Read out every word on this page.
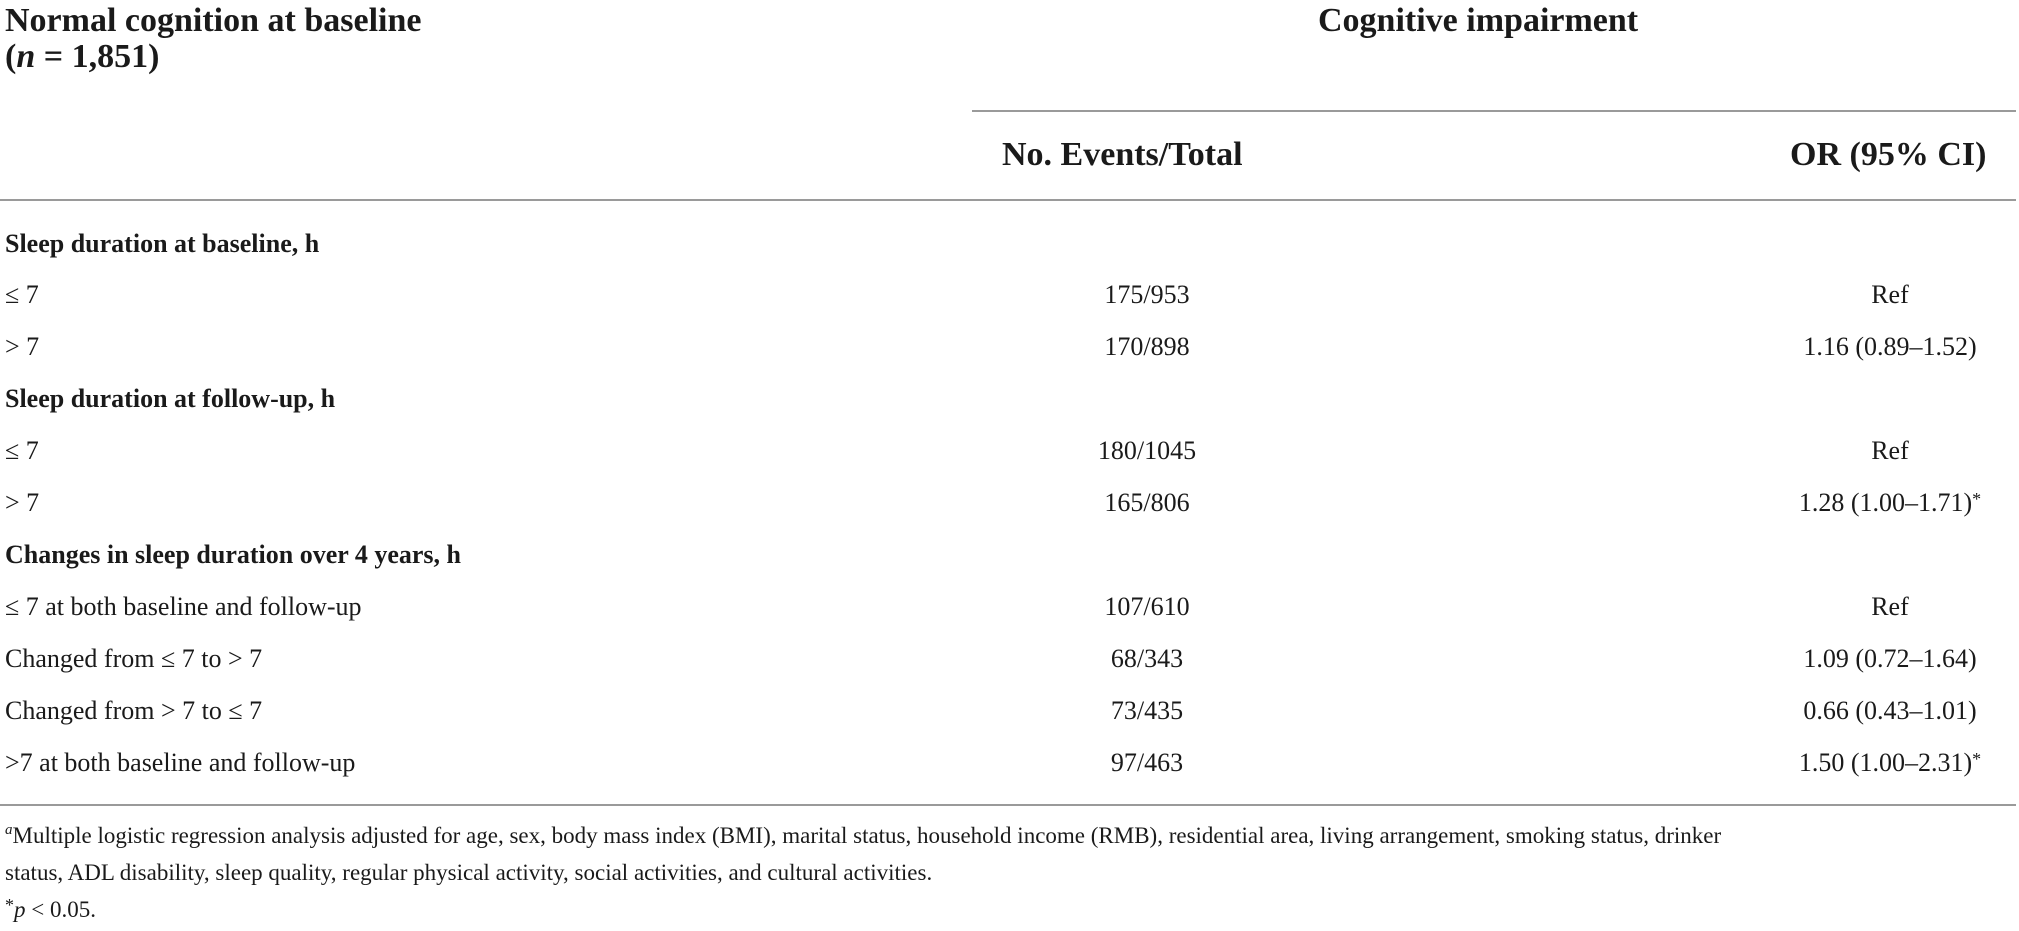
Normal cognition at baseline
(n = 1,851)
Cognitive impairment
No. Events/Total	OR (95% CI)
Sleep duration at baseline, h
≤ 7	175/953	Ref
> 7	170/898	1.16 (0.89–1.52)
Sleep duration at follow-up, h
≤ 7	180/1045	Ref
> 7	165/806	1.28 (1.00–1.71)*
Changes in sleep duration over 4 years, h
≤ 7 at both baseline and follow-up	107/610	Ref
Changed from ≤ 7 to > 7	68/343	1.09 (0.72–1.64)
Changed from > 7 to ≤ 7	73/435	0.66 (0.43–1.01)
>7 at both baseline and follow-up	97/463	1.50 (1.00–2.31)*
$^a$Multiple logistic regression analysis adjusted for age, sex, body mass index (BMI), marital status, household income (RMB), residential area, living arrangement, smoking status, drinker
status, ADL disability, sleep quality, regular physical activity, social activities, and cultural activities.
*p < 0.05.
